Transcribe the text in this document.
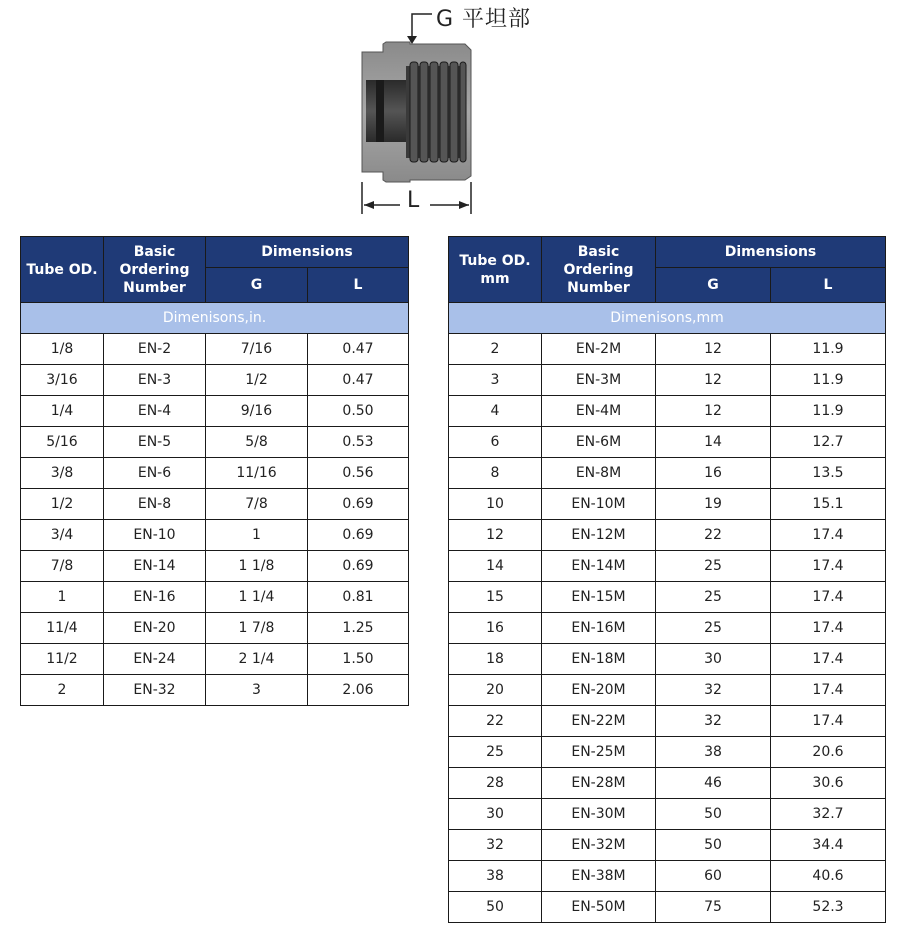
G 平坦部
L
Tube OD.	Basic Ordering Number	Dimensions	
		G	L
Dimenisons,in.			
1/8	EN-2	7/16	0.47
3/16	EN-3	1/2	0.47
1/4	EN-4	9/16	0.50
5/16	EN-5	5/8	0.53
3/8	EN-6	11/16	0.56
1/2	EN-8	7/8	0.69
3/4	EN-10	1	0.69
7/8	EN-14	1 1/8	0.69
1	EN-16	1 1/4	0.81
11/4	EN-20	1 7/8	1.25
11/2	EN-24	2 1/4	1.50
2	EN-32	3	2.06
Tube OD. mm	Basic Ordering Number	Dimensions	
		G	L
Dimenisons,mm			
2	EN-2M	12	11.9
3	EN-3M	12	11.9
4	EN-4M	12	11.9
6	EN-6M	14	12.7
8	EN-8M	16	13.5
10	EN-10M	19	15.1
12	EN-12M	22	17.4
14	EN-14M	25	17.4
15	EN-15M	25	17.4
16	EN-16M	25	17.4
18	EN-18M	30	17.4
20	EN-20M	32	17.4
22	EN-22M	32	17.4
25	EN-25M	38	20.6
28	EN-28M	46	30.6
30	EN-30M	50	32.7
32	EN-32M	50	34.4
38	EN-38M	60	40.6
50	EN-50M	75	52.3
